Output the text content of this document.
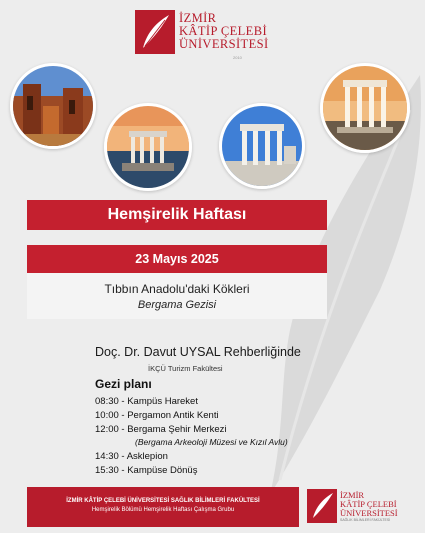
İZMİR
KÂTİP ÇELEBİ
ÜNİVERSİTESİ
2010
Hemşirelik Haftası
23 Mayıs 2025
Tıbbın Anadolu'daki Kökleri
Bergama Gezisi
Doç. Dr. Davut UYSAL Rehberliğinde
İKÇÜ Turizm Fakültesi
Gezi planı
08:30 - Kampüs Hareket
10:00 - Pergamon Antik Kenti
12:00 - Bergama Şehir Merkezi
(Bergama Arkeoloji Müzesi ve Kızıl Avlu)
14:30 - Asklepion
15:30 - Kampüse Dönüş
İZMİR KÂTİP ÇELEBİ ÜNİVERSİTESİ SAĞLIK BİLİMLERİ FAKÜLTESİ
Hemşirelik Bölümü Hemşirelik Haftası Çalışma Grubu
İZMİR
KÂTİP ÇELEBİ
ÜNİVERSİTESİ
SAĞLIK BİLİMLERİ FAKÜLTESİ
